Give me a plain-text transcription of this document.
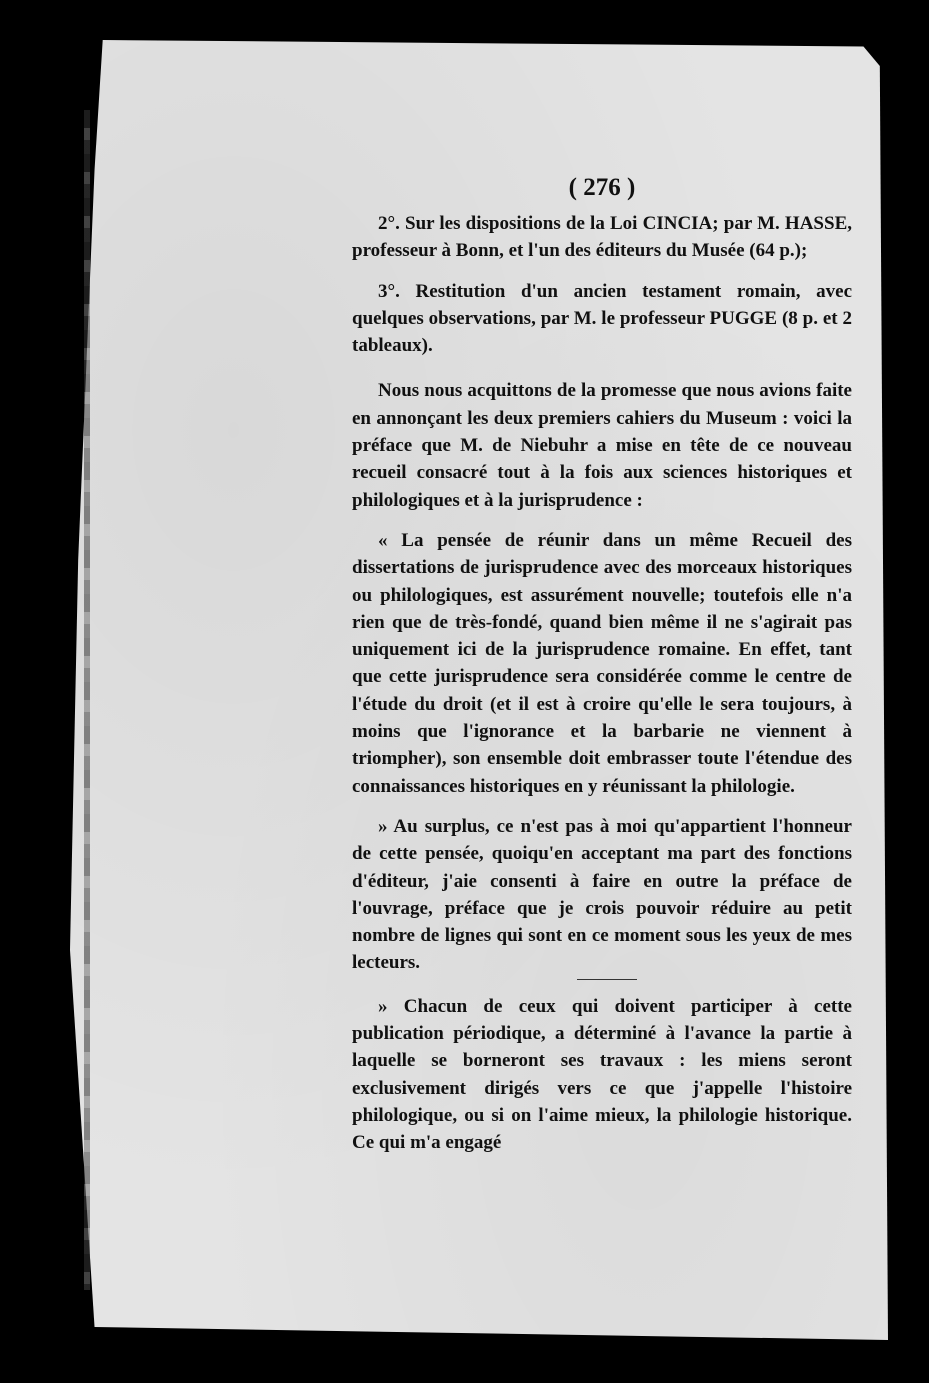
( 276 )

2°. Sur les dispositions de la Loi CINCIA; par M. HASSE, professeur à Bonn, et l'un des éditeurs du Musée (64 p.);

3°. Restitution d'un ancien testament romain, avec quelques observations, par M. le professeur PUGGE (8 p. et 2 tableaux).

Nous nous acquittons de la promesse que nous avions faite en annonçant les deux premiers cahiers du Museum : voici la préface que M. de Niebuhr a mise en tête de ce nouveau recueil consacré tout à la fois aux sciences historiques et philologiques et à la jurisprudence :

« La pensée de réunir dans un même Recueil des dissertations de jurisprudence avec des morceaux historiques ou philologiques, est assurément nouvelle; toutefois elle n'a rien que de très-fondé, quand bien même il ne s'agirait pas uniquement ici de la jurisprudence romaine. En effet, tant que cette jurisprudence sera considérée comme le centre de l'étude du droit (et il est à croire qu'elle le sera toujours, à moins que l'ignorance et la barbarie ne viennent à triompher), son ensemble doit embrasser toute l'étendue des connaissances historiques en y réunissant la philologie.

» Au surplus, ce n'est pas à moi qu'appartient l'honneur de cette pensée, quoiqu'en acceptant ma part des fonctions d'éditeur, j'aie consenti à faire en outre la préface de l'ouvrage, préface que je crois pouvoir réduire au petit nombre de lignes qui sont en ce moment sous les yeux de mes lecteurs.

» Chacun de ceux qui doivent participer à cette publication périodique, a déterminé à l'avance la partie à laquelle se borneront ses travaux : les miens seront exclusivement dirigés vers ce que j'appelle l'histoire philologique, ou si on l'aime mieux, la philologie historique. Ce qui m'a engagé
